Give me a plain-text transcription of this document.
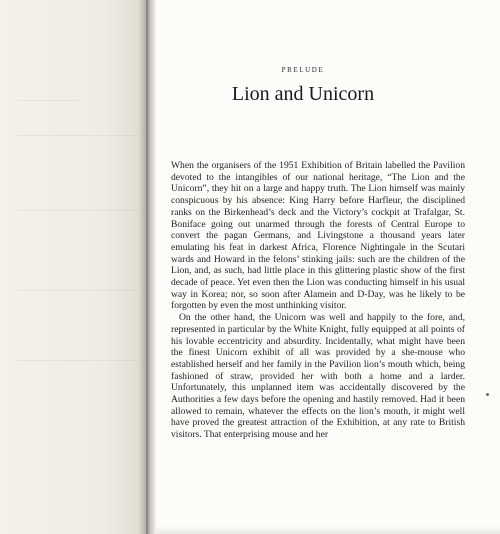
PRELUDE

Lion and Unicorn

When the organisers of the 1951 Exhibition of Britain labelled the Pavilion devoted to the intangibles of our national heritage, “The Lion and the Unicorn”, they hit on a large and happy truth. The Lion himself was mainly conspicuous by his absence: King Harry before Harfleur, the disciplined ranks on the Birkenhead’s deck and the Victory’s cockpit at Trafalgar, St. Boniface going out unarmed through the forests of Central Europe to convert the pagan Germans, and Livingstone a thousand years later emulating his feat in darkest Africa, Florence Nightingale in the Scutari wards and Howard in the felons’ stinking jails: such are the children of the Lion, and, as such, had little place in this glittering plastic show of the first decade of peace. Yet even then the Lion was conducting himself in his usual way in Korea; nor, so soon after Alamein and D-Day, was he likely to be forgotten by even the most unthinking visitor.

On the other hand, the Unicorn was well and happily to the fore, and, represented in particular by the White Knight, fully equipped at all points of his lovable eccentricity and absurdity. Incidentally, what might have been the finest Unicorn exhibit of all was provided by a she-mouse who established herself and her family in the Pavilion lion’s mouth which, being fashioned of straw, provided her with both a home and a larder. Unfortunately, this unplanned item was accidentally discovered by the Authorities a few days before the opening and hastily removed. Had it been allowed to remain, whatever the effects on the lion’s mouth, it might well have proved the greatest attraction of the Exhibition, at any rate to British visitors. That enterprising mouse and her
